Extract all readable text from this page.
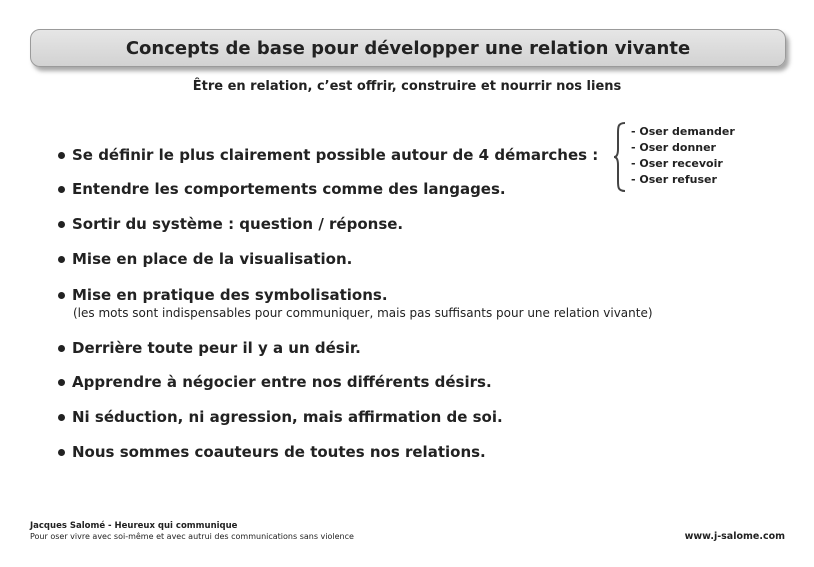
Concepts de base pour développer une relation vivante
Être en relation, c’est offrir, construire et nourrir nos liens
Se définir le plus clairement possible autour de 4 démarches :
Entendre les comportements comme des langages.
Sortir du système : question / réponse.
Mise en place de la visualisation.
Mise en pratique des symbolisations.
(les mots sont indispensables pour communiquer, mais pas suffisants pour une relation vivante)
Derrière toute peur il y a un désir.
Apprendre à négocier entre nos différents désirs.
Ni séduction, ni agression, mais affirmation de soi.
Nous sommes coauteurs de toutes nos relations.
- Oser demander
- Oser donner
- Oser recevoir
- Oser refuser
Jacques Salomé - Heureux qui communique
Pour oser vivre avec soi-même et avec autrui des communications sans violence	www.j-salome.com
